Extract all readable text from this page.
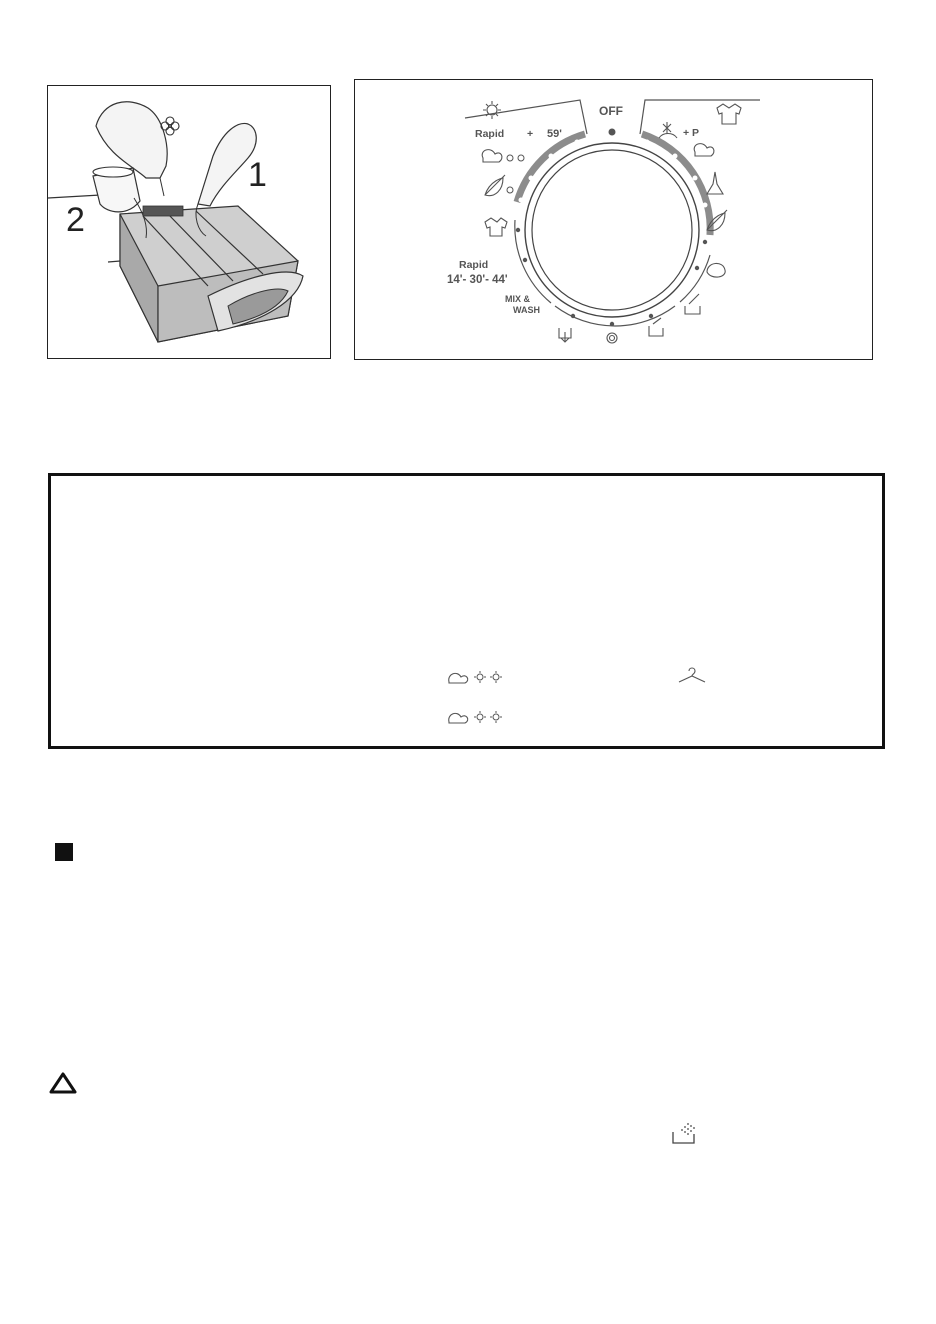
1
2
OFF
Rapid + 59'
Rapid
14'- 30'- 44'
MIX &
WASH
+ P
